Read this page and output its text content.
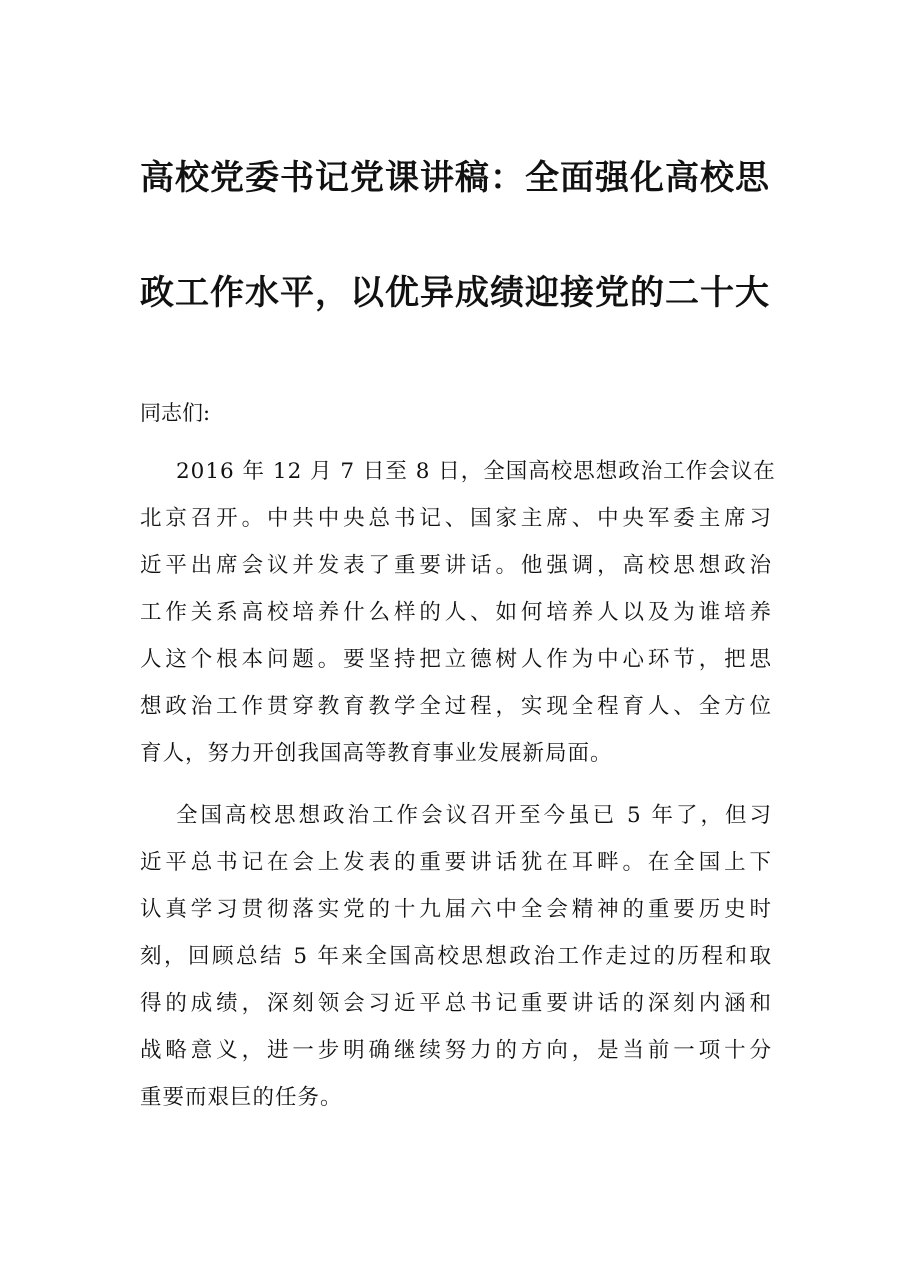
高校党委书记党课讲稿：全面强化高校思
政工作水平，以优异成绩迎接党的二十大

同志们:

2016 年 12 月 7 日至 8 日，全国高校思想政治工作会议在
北京召开。中共中央总书记、国家主席、中央军委主席习
近平出席会议并发表了重要讲话。他强调，高校思想政治
工作关系高校培养什么样的人、如何培养人以及为谁培养
人这个根本问题。要坚持把立德树人作为中心环节，把思
想政治工作贯穿教育教学全过程，实现全程育人、全方位
育人，努力开创我国高等教育事业发展新局面。
全国高校思想政治工作会议召开至今虽已 5 年了，但习
近平总书记在会上发表的重要讲话犹在耳畔。在全国上下
认真学习贯彻落实党的十九届六中全会精神的重要历史时
刻，回顾总结 5 年来全国高校思想政治工作走过的历程和取
得的成绩，深刻领会习近平总书记重要讲话的深刻内涵和
战略意义，进一步明确继续努力的方向，是当前一项十分
重要而艰巨的任务。
